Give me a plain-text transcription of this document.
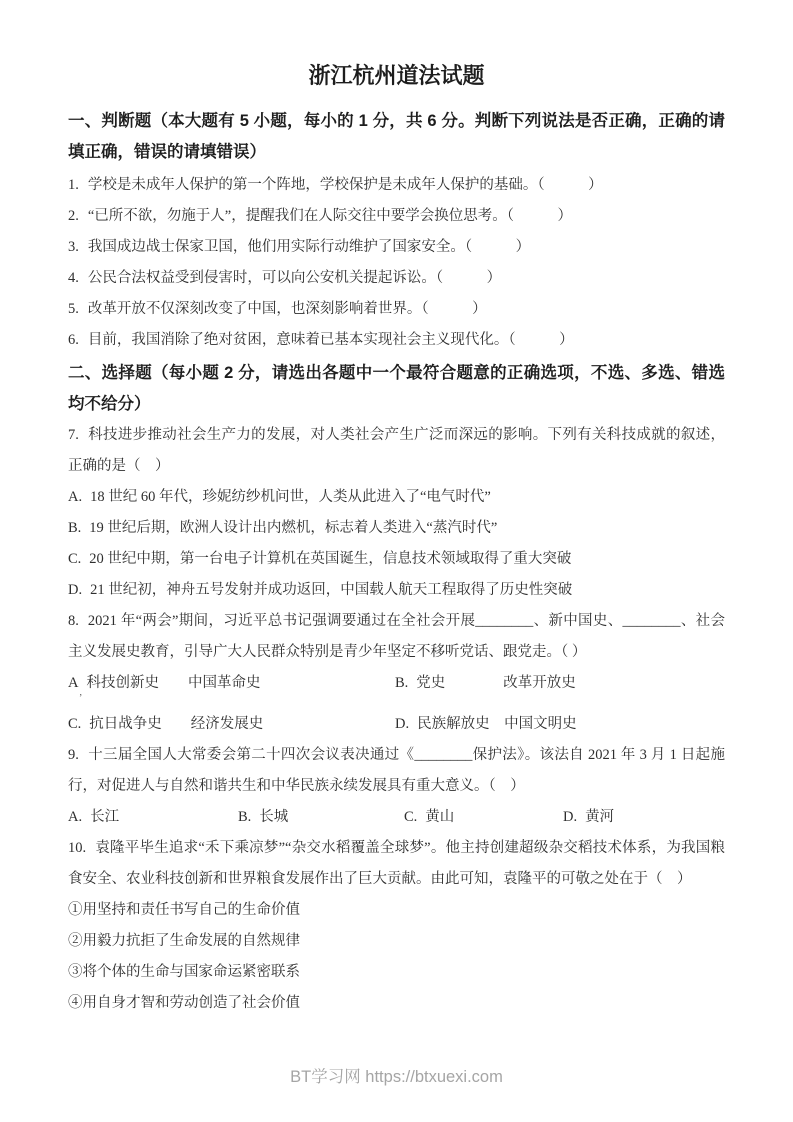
浙江杭州道法试题

一、判断题（本大题有 5 小题，每小的 1 分，共 6 分。判断下列说法是否正确，正确的请填正确，错误的请填错误）

1. 学校是未成年人保护的第一个阵地，学校保护是未成年人保护的基础。（　　　）

2. “已所不欲，勿施于人”，提醒我们在人际交往中要学会换位思考。（　　　）

3. 我国成边战士保家卫国，他们用实际行动维护了国家安全。（　　　）

4. 公民合法权益受到侵害时，可以向公安机关提起诉讼。（　　　）

5. 改革开放不仅深刻改变了中国，也深刻影响着世界。（　　　）

6. 目前，我国消除了绝对贫困，意味着已基本实现社会主义现代化。（　　　）

二、选择题（每小题 2 分，请选出各题中一个最符合题意的正确选项，不选、多选、错选均不给分）

7. 科技进步推动社会生产力的发展，对人类社会产生广泛而深远的影响。下列有关科技成就的叙述，正确的是（　）

A. 18 世纪 60 年代，珍妮纺纱机问世，人类从此进入了“电气时代”

B. 19 世纪后期，欧洲人设计出内燃机，标志着人类进入“蒸汽时代”

C. 20 世纪中期，第一台电子计算机在英国诞生，信息技术领域取得了重大突破

D. 21 世纪初，神舟五号发射并成功返回，中国载人航天工程取得了历史性突破

8. 2021 年“两会”期间，习近平总书记强调要通过在全社会开展________、新中国史、________、社会主义发展史教育，引导广大人民群众特别是青少年坚定不移听党话、跟党走。（ ）

A 科技创新史　　中国革命史	B. 党史　　　　改革开放史
C. 抗日战争史　　经济发展史	D. 民族解放史　中国文明史
’

9. 十三届全国人大常委会第二十四次会议表决通过《________保护法》。该法自 2021 年 3 月 1 日起施行，对促进人与自然和谐共生和中华民族永续发展具有重大意义。（　）

A. 长江	B. 长城	C. 黄山	D. 黄河

10. 袁隆平毕生追求“禾下乘凉梦”“杂交水稻覆盖全球梦”。他主持创建超级杂交稻技术体系，为我国粮食安全、农业科技创新和世界粮食发展作出了巨大贡献。由此可知，袁隆平的可敬之处在于（　）

①用坚持和责任书写自己的生命价值

②用毅力抗拒了生命发展的自然规律

③将个体的生命与国家命运紧密联系

④用自身才智和劳动创造了社会价值

BT学习网 https://btxuexi.com
